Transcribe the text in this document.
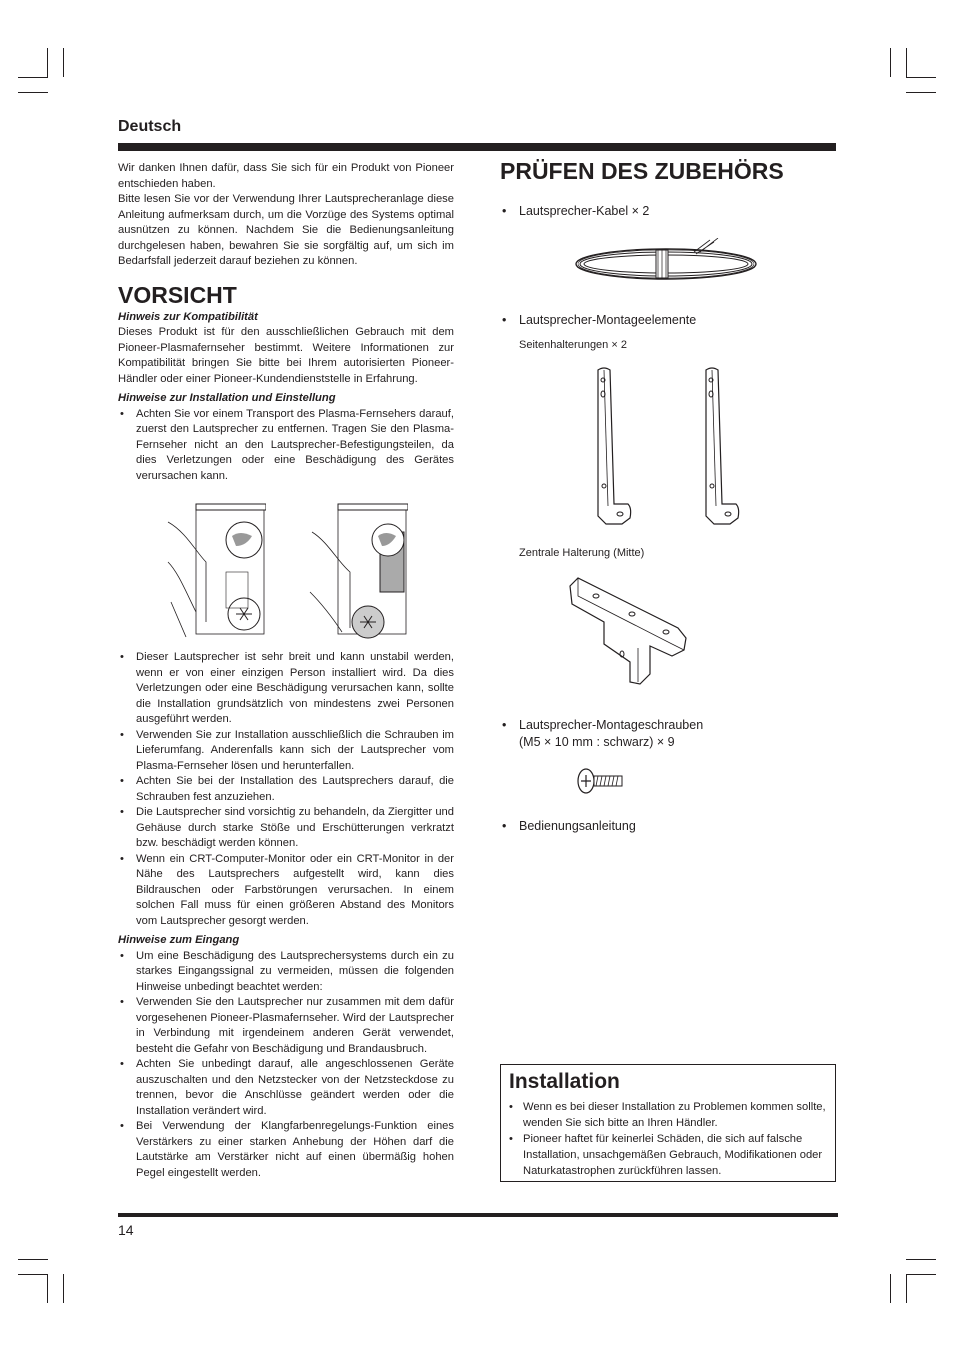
Deutsch

Wir danken Ihnen dafür, dass Sie sich für ein Produkt von Pioneer entschieden haben.

Bitte lesen Sie vor der Verwendung Ihrer Lautsprecheranlage diese Anleitung aufmerksam durch, um die Vorzüge des Systems optimal ausnützen zu können. Nachdem Sie die Bedienungsanleitung durchgelesen haben, bewahren Sie sie sorgfältig auf, um sich im Bedarfsfall jederzeit darauf beziehen zu können.

VORSICHT

Hinweis zur Kompatibilität

Dieses Produkt ist für den ausschließlichen Gebrauch mit dem Pioneer-Plasmafernseher bestimmt. Weitere Informationen zur Kompatibilität bringen Sie bitte bei Ihrem autorisierten Pioneer-Händler oder einer Pioneer-Kundendienststelle in Erfahrung.

Hinweise zur Installation und Einstellung

• Achten Sie vor einem Transport des Plasma-Fernsehers darauf, zuerst den Lautsprecher zu entfernen. Tragen Sie den Plasma-Fernseher nicht an den Lautsprecher-Befestigungsteilen, da dies Verletzungen oder eine Beschädigung des Gerätes verursachen kann.
• Dieser Lautsprecher ist sehr breit und kann unstabil werden, wenn er von einer einzigen Person installiert wird. Da dies Verletzungen oder eine Beschädigung verursachen kann, sollte die Installation grundsätzlich von mindestens zwei Personen ausgeführt werden.
• Verwenden Sie zur Installation ausschließlich die Schrauben im Lieferumfang. Anderenfalls kann sich der Lautsprecher vom Plasma-Fernseher lösen und herunterfallen.
• Achten Sie bei der Installation des Lautsprechers darauf, die Schrauben fest anzuziehen.
• Die Lautsprecher sind vorsichtig zu behandeln, da Ziergitter und Gehäuse durch starke Stöße und Erschütterungen verkratzt bzw. beschädigt werden können.
• Wenn ein CRT-Computer-Monitor oder ein CRT-Monitor in der Nähe des Lautsprechers aufgestellt wird, kann dies Bildrauschen oder Farbstörungen verursachen. In einem solchen Fall muss für einen größeren Abstand des Monitors vom Lautsprecher gesorgt werden.

Hinweise zum Eingang

• Um eine Beschädigung des Lautsprechersystems durch ein zu starkes Eingangssignal zu vermeiden, müssen die folgenden Hinweise unbedingt beachtet werden:
• Verwenden Sie den Lautsprecher nur zusammen mit dem dafür vorgesehenen Pioneer-Plasmafernseher. Wird der Lautsprecher in Verbindung mit irgendeinem anderen Gerät verwendet, besteht die Gefahr von Beschädigung und Brandausbruch.
• Achten Sie unbedingt darauf, alle angeschlossenen Geräte auszuschalten und den Netzstecker von der Netzsteckdose zu trennen, bevor die Anschlüsse geändert werden oder die Installation verändert wird.
• Bei Verwendung der Klangfarbenregelungs-Funktion eines Verstärkers zu einer starken Anhebung der Höhen darf die Lautstärke am Verstärker nicht auf einen übermäßig hohen Pegel eingestellt werden.
PRÜFEN DES ZUBEHÖRS
• Lautsprecher-Kabel × 2
• Lautsprecher-Montageelemente
Seitenhalterungen × 2
Zentrale Halterung (Mitte)
• Lautsprecher-Montageschrauben
(M5 × 10 mm : schwarz) × 9
• Bedienungsanleitung
Installation
• Wenn es bei dieser Installation zu Problemen kommen sollte, wenden Sie sich bitte an Ihren Händler.
• Pioneer haftet für keinerlei Schäden, die sich auf falsche Installation, unsachgemäßen Gebrauch, Modifikationen oder Naturkatastrophen zurückführen lassen.
14
